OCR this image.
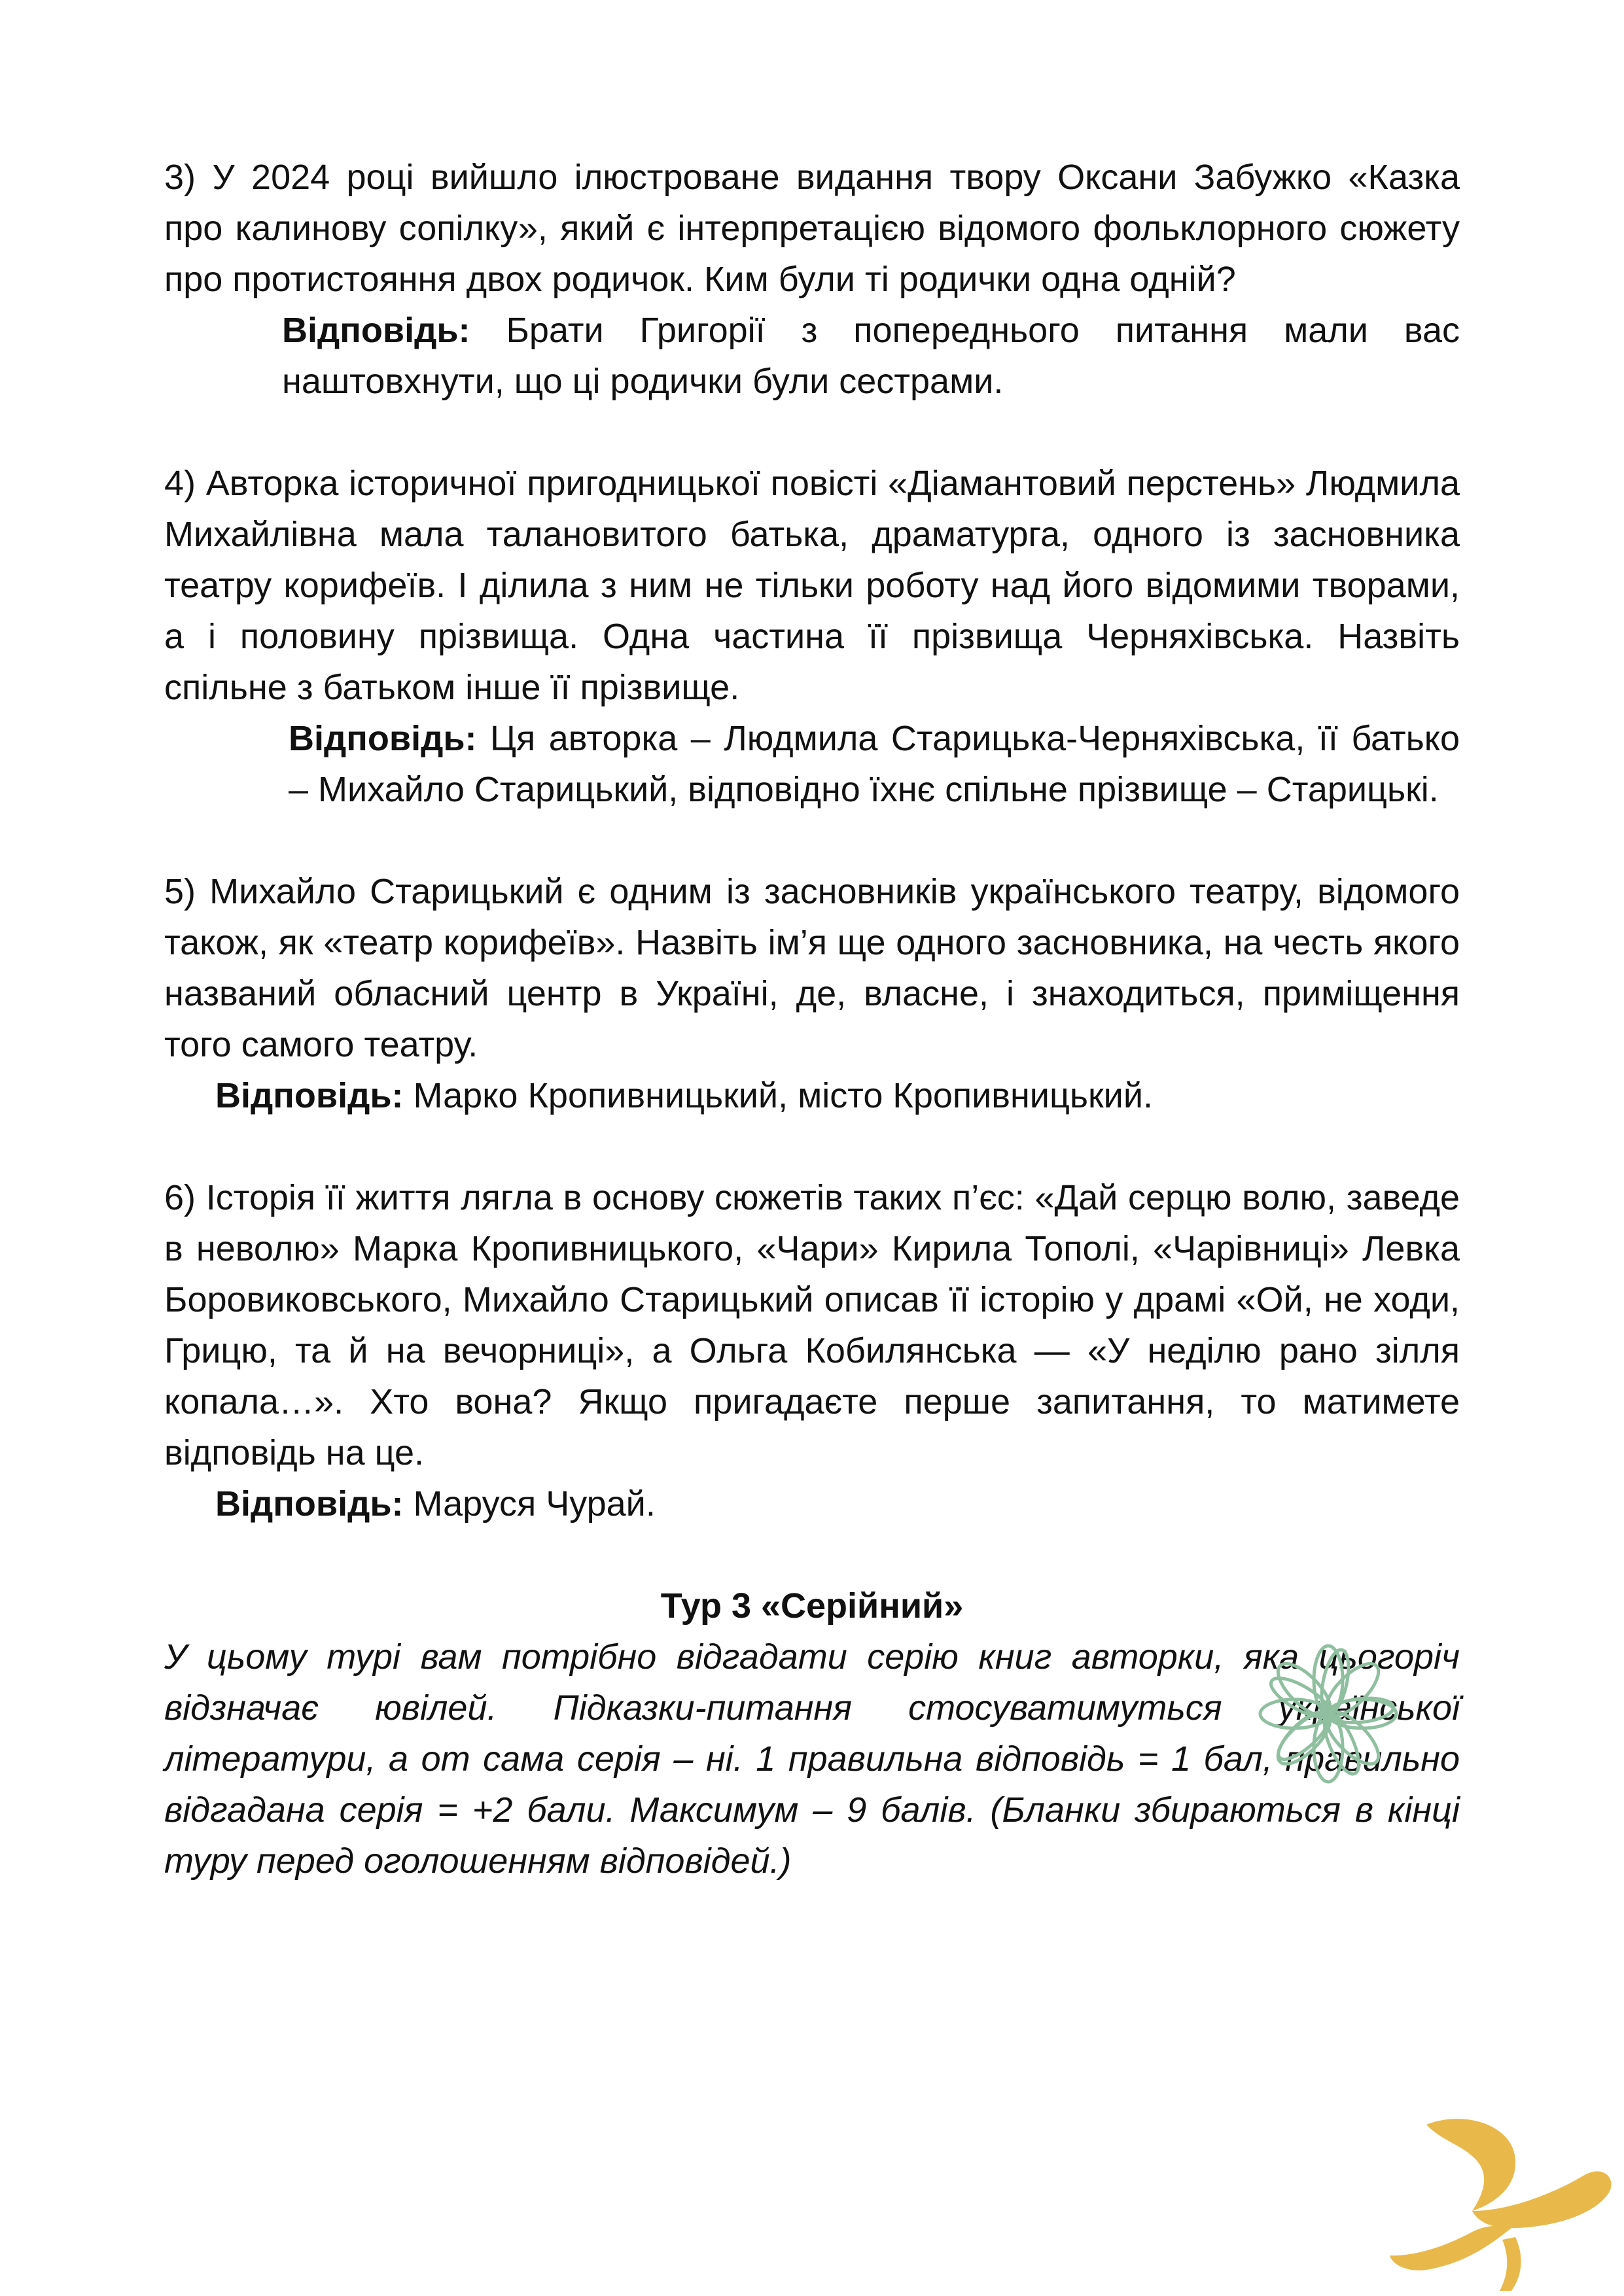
3) У 2024 році вийшло ілюстроване видання твору Оксани Забужко «Казка про калинову сопілку», який є інтерпретацією відомого фольклорного сюжету про протистояння двох родичок. Ким були ті родички одна одній?

Відповідь: Брати Григорії з попереднього питання мали вас наштовхнути, що ці родички були сестрами.

4) Авторка історичної пригодницької повісті «Діамантовий перстень» Людмила Михайлівна мала талановитого батька, драматурга, одного із засновника театру корифеїв. І ділила з ним не тільки роботу над його відомими творами, а і половину прізвища. Одна частина її прізвища Черняхівська. Назвіть спільне з батьком інше її прізвище.

Відповідь: Ця авторка – Людмила Старицька-Черняхівська, її батько – Михайло Старицький, відповідно їхнє спільне прізвище – Старицькі.

5) Михайло Старицький є одним із засновників українського театру, відомого також, як «театр корифеїв». Назвіть ім’я ще одного засновника, на честь якого названий обласний центр в Україні, де, власне, і знаходиться, приміщення того самого театру.

Відповідь: Марко Кропивницький, місто Кропивницький.

6) Історія її життя лягла в основу сюжетів таких п’єс: «Дай серцю волю, заведе в неволю» Марка Кропивницького, «Чари» Кирила Тополі, «Чарівниці» Левка Боровиковського, Михайло Старицький описав її історію у драмі «Ой, не ходи, Грицю, та й на вечорниці», а Ольга Кобилянська — «У неділю рано зілля копала…». Хто вона? Якщо пригадаєте перше запитання, то матимете відповідь на це.

Відповідь: Маруся Чурай.

Тур 3 «Серійний»

У цьому турі вам потрібно відгадати серію книг авторки, яка цьогоріч відзначає ювілей. Підказки-питання стосуватимуться української літератури, а от сама серія – ні. 1 правильна відповідь = 1 бал, правильно відгадана серія = +2 бали. Максимум – 9 балів. (Бланки збираються в кінці туру перед оголошенням відповідей.)
